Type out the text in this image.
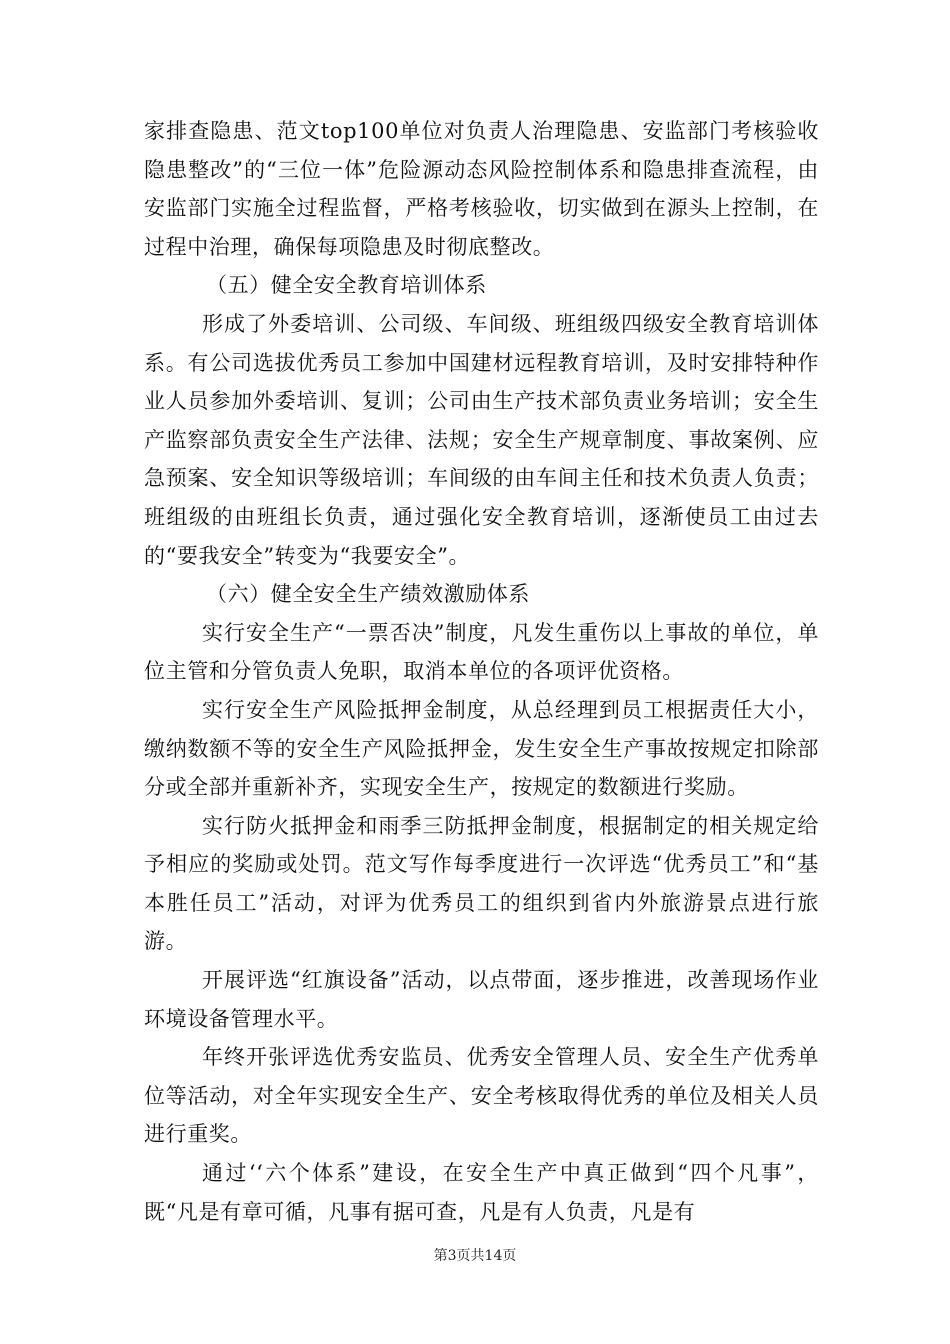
家排查隐患、范文top100单位对负责人治理隐患、安监部门考核验收隐患整改”的“三位一体”危险源动态风险控制体系和隐患排查流程，由安监部门实施全过程监督，严格考核验收，切实做到在源头上控制，在过程中治理，确保每项隐患及时彻底整改。

（五）健全安全教育培训体系

形成了外委培训、公司级、车间级、班组级四级安全教育培训体系。有公司选拔优秀员工参加中国建材远程教育培训，及时安排特种作业人员参加外委培训、复训；公司由生产技术部负责业务培训；安全生产监察部负责安全生产法律、法规；安全生产规章制度、事故案例、应急预案、安全知识等级培训；车间级的由车间主任和技术负责人负责；班组级的由班组长负责，通过强化安全教育培训，逐渐使员工由过去的“要我安全”转变为“我要安全”。

（六）健全安全生产绩效激励体系

实行安全生产“一票否决”制度，凡发生重伤以上事故的单位，单位主管和分管负责人免职，取消本单位的各项评优资格。

实行安全生产风险抵押金制度，从总经理到员工根据责任大小，缴纳数额不等的安全生产风险抵押金，发生安全生产事故按规定扣除部分或全部并重新补齐，实现安全生产，按规定的数额进行奖励。

实行防火抵押金和雨季三防抵押金制度，根据制定的相关规定给予相应的奖励或处罚。范文写作每季度进行一次评选“优秀员工”和“基本胜任员工”活动，对评为优秀员工的组织到省内外旅游景点进行旅游。

开展评选“红旗设备”活动，以点带面，逐步推进，改善现场作业环境设备管理水平。

年终开张评选优秀安监员、优秀安全管理人员、安全生产优秀单位等活动，对全年实现安全生产、安全考核取得优秀的单位及相关人员进行重奖。

通过‘‘六个体系”建设，在安全生产中真正做到“四个凡事”，既“凡是有章可循，凡事有据可查，凡是有人负责，凡是有

第3页共14页
